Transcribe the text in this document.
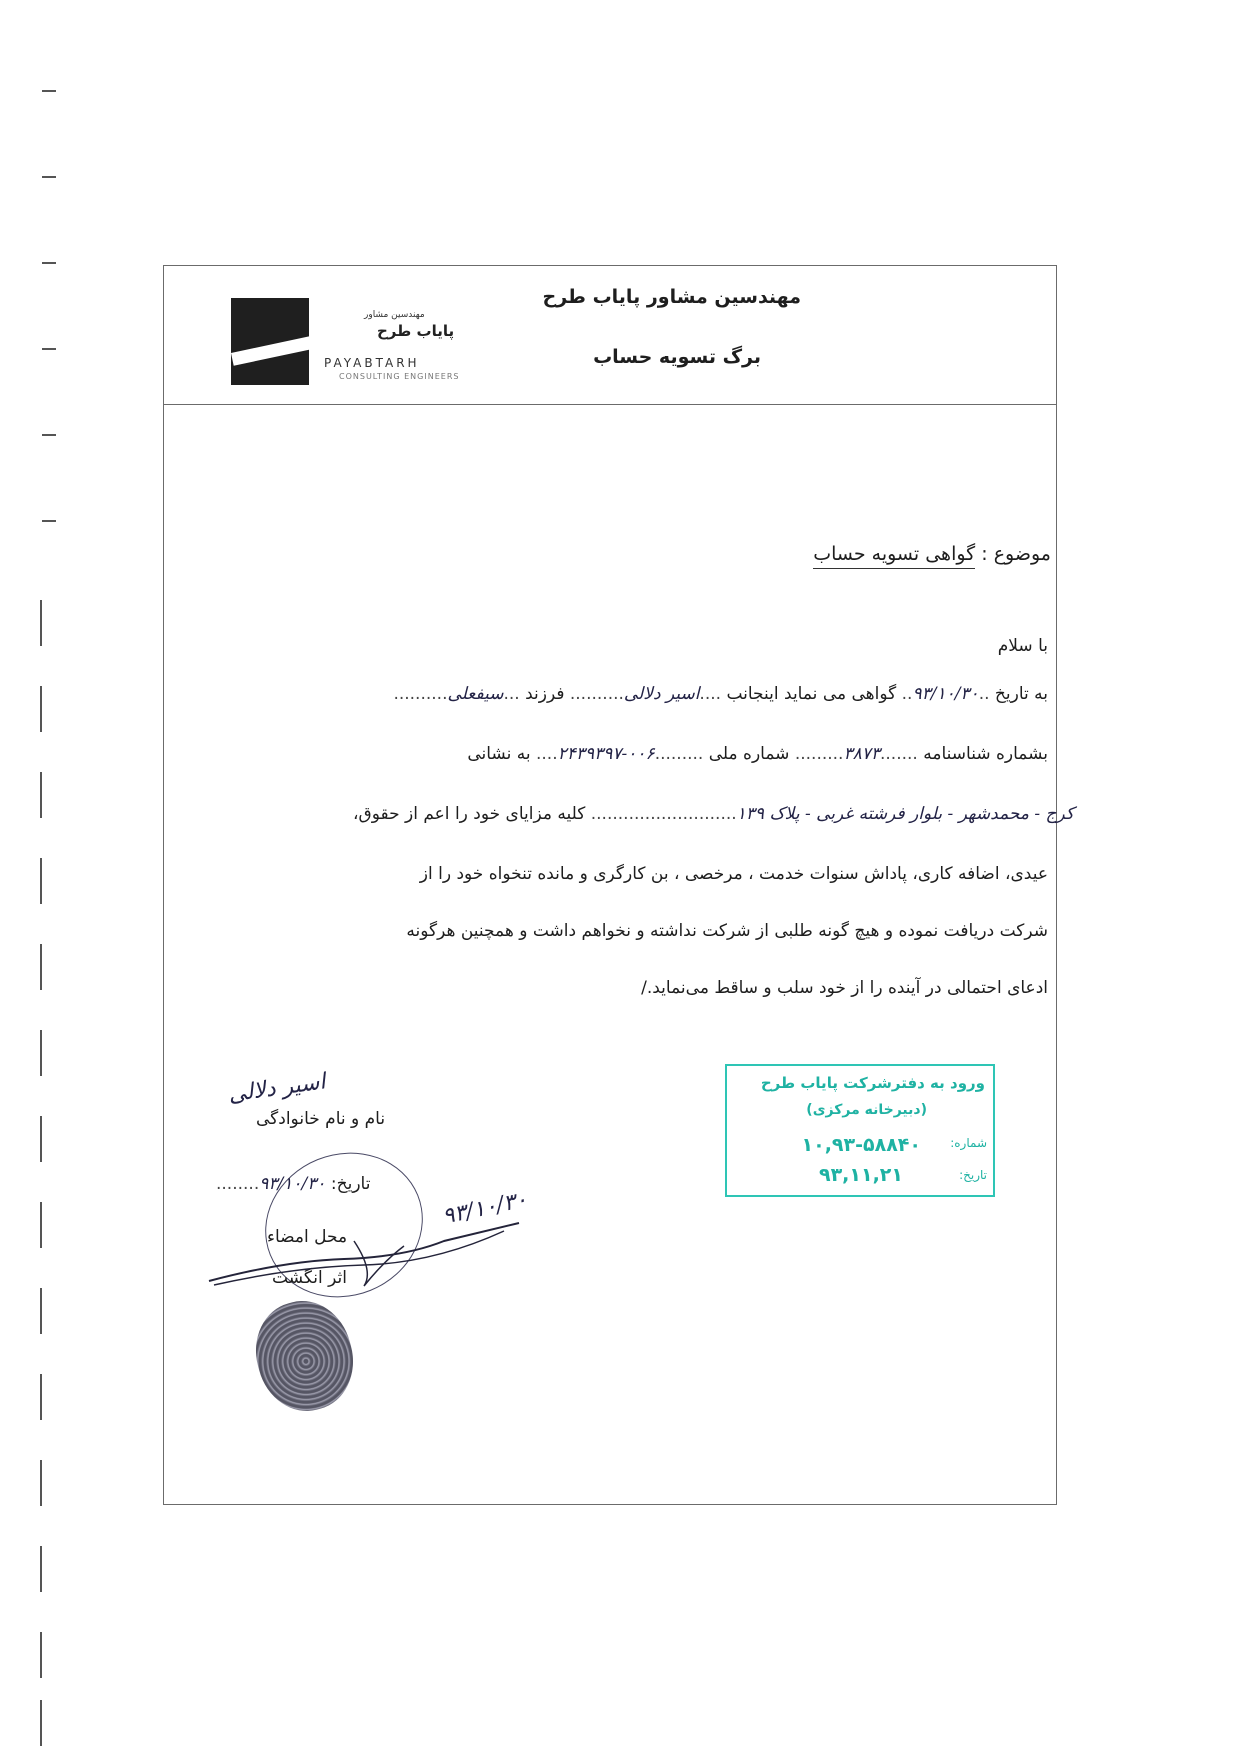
مهندسین مشاور پایاب طرح
برگ تسویه حساب
مهندسین مشاور
پایاب طرح
PAYABTARH
CONSULTING ENGINEERS
موضوع : گواهی تسویه حساب
با سلام
به تاریخ ..۹۳/۱۰/۳۰.. گواهی می نماید اینجانب ....اسیر دلالی.......... فرزند ...سیفعلی..........
بشماره شناسنامه .......۳۸۷۳......... شماره ملی .........۰۰۶-۲۴۳۹۳۹۷.... به نشانی
کرج - محمدشهر - بلوار فرشته غربی - پلاک ۱۳۹........................... کلیه مزایای خود را اعم از حقوق،
عیدی، اضافه کاری، پاداش سنوات خدمت ، مرخصی ، بن کارگری و مانده تنخواه خود را از
شرکت دریافت نموده و هیچ گونه طلبی از شرکت نداشته و نخواهم داشت و همچنین هرگونه
ادعای احتمالی در آینده را از خود سلب و ساقط می‌نماید./
ورود به دفترشرکت پایاب طرح
(دبیرخانه مرکزی)
شماره:
۱۰,۹۳-۵۸۸۴۰
تاریخ:
۹۳,۱۱,۲۱
اسیر دلالی
نام و نام خانوادگی
تاریخ: ۹۳/۱۰/۳۰........
۹۳/۱۰/۳۰
محل امضاء
اثر انگشت
